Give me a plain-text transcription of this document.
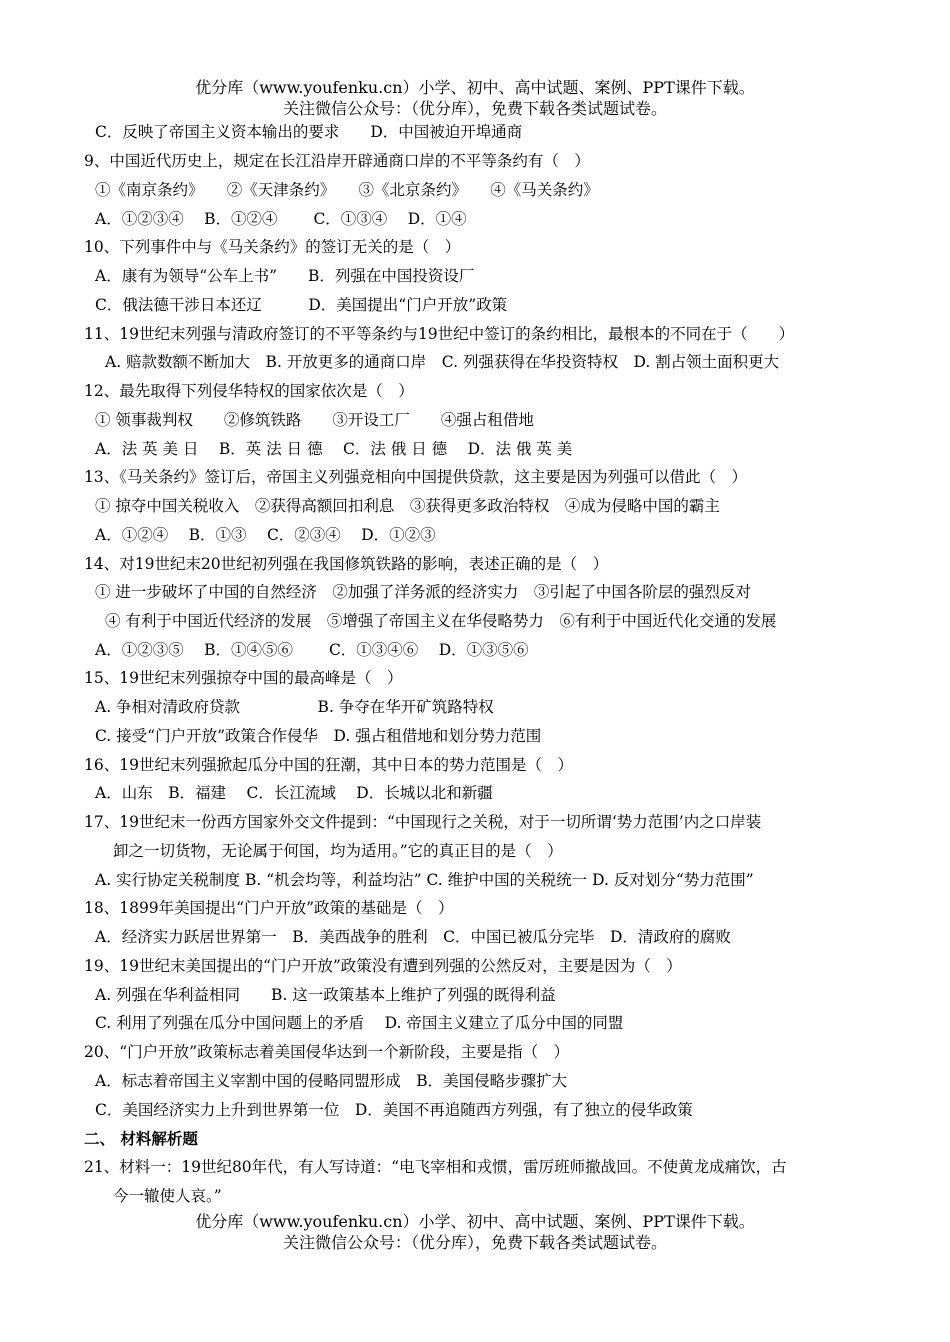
优分库（www.youfenku.cn）小学、初中、高中试题、案例、PPT课件下载。
关注微信公众号：（优分库），免费下载各类试题试卷。
C．反映了帝国主义资本输出的要求　　D．中国被迫开埠通商
9、中国近代历史上，规定在长江沿岸开辟通商口岸的不平等条约有（　）
①《南京条约》　　②《天津条约》　　③《北京条约》　　④《马关条约》
A．①②③④　 B．①②④　　 C．①③④　 D．①④
10、下列事件中与《马关条约》的签订无关的是（　）
A．康有为领导“公车上书”　　B．列强在中国投资设厂
C．俄法德干涉日本还辽　　　D．美国提出“门户开放”政策
11、19世纪末列强与清政府签订的不平等条约与19世纪中签订的条约相比，最根本的不同在于（　　）
A. 赔款数额不断加大　B. 开放更多的通商口岸　C. 列强获得在华投资特权　D. 割占领土面积更大
12、最先取得下列侵华特权的国家依次是（　）
① 领事裁判权　　②修筑铁路　　③开设工厂　　④强占租借地
A．法 英 美 日　 B．英 法 日 德　 C．法 俄 日 德　 D．法 俄 英 美
13、《马关条约》签订后，帝国主义列强竞相向中国提供贷款，这主要是因为列强可以借此（　）
① 掠夺中国关税收入　②获得高额回扣利息　③获得更多政治特权　④成为侵略中国的霸主
A．①②④　 B．①③　 C．②③④　 D．①②③
14、对19世纪末20世纪初列强在我国修筑铁路的影响，表述正确的是（　）
① 进一步破坏了中国的自然经济　②加强了洋务派的经济实力　③引起了中国各阶层的强烈反对
④ 有利于中国近代经济的发展　⑤增强了帝国主义在华侵略势力　⑥有利于中国近代化交通的发展
A．①②③⑤　 B．①④⑤⑥　　 C．①③④⑥　 D．①③⑤⑥
15、19世纪末列强掠夺中国的最高峰是（　）
A. 争相对清政府贷款　　　　　B. 争夺在华开矿筑路特权
C. 接受“门户开放”政策合作侵华　D. 强占租借地和划分势力范围
16、19世纪末列强掀起瓜分中国的狂潮，其中日本的势力范围是（　）
A．山东　B．福建　 C．长江流域　 D．长城以北和新疆
17、19世纪末一份西方国家外交文件提到：“中国现行之关税，对于一切所谓‘势力范围’内之口岸装
卸之一切货物，无论属于何国，均为适用。”它的真正目的是（　）
A. 实行协定关税制度 B. “机会均等，利益均沾” C. 维护中国的关税统一 D. 反对划分“势力范围”
18、1899年美国提出“门户开放”政策的基础是（　）
A．经济实力跃居世界第一　B．美西战争的胜利　C．中国已被瓜分完毕　D．清政府的腐败
19、19世纪末美国提出的“门户开放”政策没有遭到列强的公然反对，主要是因为（　）
A. 列强在华利益相同　　B. 这一政策基本上维护了列强的既得利益
C. 利用了列强在瓜分中国问题上的矛盾　 D. 帝国主义建立了瓜分中国的同盟
20、“门户开放”政策标志着美国侵华达到一个新阶段，主要是指（　）
A．标志着帝国主义宰割中国的侵略同盟形成　B．美国侵略步骤扩大
C．美国经济实力上升到世界第一位　D．美国不再追随西方列强，有了独立的侵华政策
二、 材料解析题
21、材料一：19世纪80年代，有人写诗道：“电飞宰相和戎惯，雷厉班师撤战回。不使黄龙成痛饮，古
今一辙使人哀。”
优分库（www.youfenku.cn）小学、初中、高中试题、案例、PPT课件下载。
关注微信公众号：（优分库），免费下载各类试题试卷。
